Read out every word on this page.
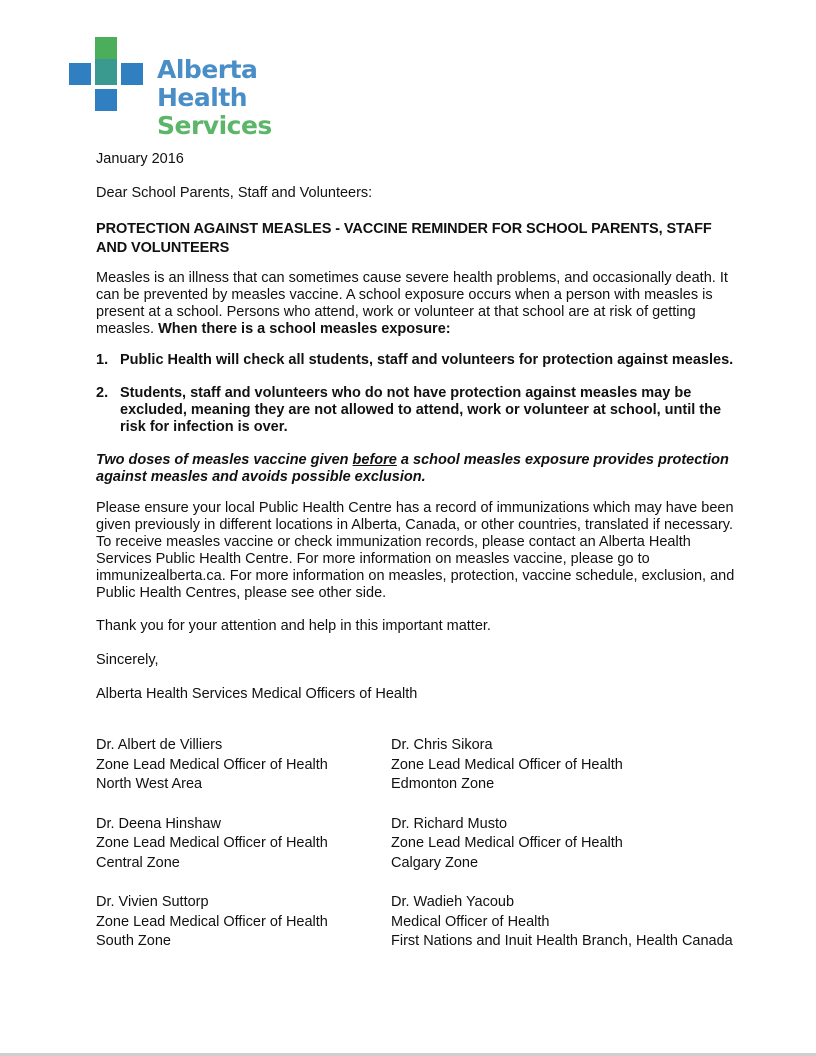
Alberta Health
Services

January 2016

Dear School Parents, Staff and Volunteers:

PROTECTION AGAINST MEASLES - VACCINE REMINDER FOR SCHOOL PARENTS, STAFF AND VOLUNTEERS

Measles is an illness that can sometimes cause severe health problems, and occasionally death. It can be prevented by measles vaccine. A school exposure occurs when a person with measles is present at a school. Persons who attend, work or volunteer at that school are at risk of getting measles. When there is a school measles exposure:

1. Public Health will check all students, staff and volunteers for protection against measles.
2. Students, staff and volunteers who do not have protection against measles may be excluded, meaning they are not allowed to attend, work or volunteer at school, until the risk for infection is over.

Two doses of measles vaccine given before a school measles exposure provides protection against measles and avoids possible exclusion.

Please ensure your local Public Health Centre has a record of immunizations which may have been given previously in different locations in Alberta, Canada, or other countries, translated if necessary. To receive measles vaccine or check immunization records, please contact an Alberta Health Services Public Health Centre. For more information on measles vaccine, please go to immunizealberta.ca. For more information on measles, protection, vaccine schedule, exclusion, and Public Health Centres, please see other side.

Thank you for your attention and help in this important matter.

Sincerely,

Alberta Health Services Medical Officers of Health

Dr. Albert de Villiers
Zone Lead Medical Officer of Health
North West Area
Dr. Chris Sikora
Zone Lead Medical Officer of Health
Edmonton Zone
Dr. Deena Hinshaw
Zone Lead Medical Officer of Health
Central Zone
Dr. Richard Musto
Zone Lead Medical Officer of Health
Calgary Zone
Dr. Vivien Suttorp
Zone Lead Medical Officer of Health
South Zone
Dr. Wadieh Yacoub
Medical Officer of Health
First Nations and Inuit Health Branch, Health Canada
